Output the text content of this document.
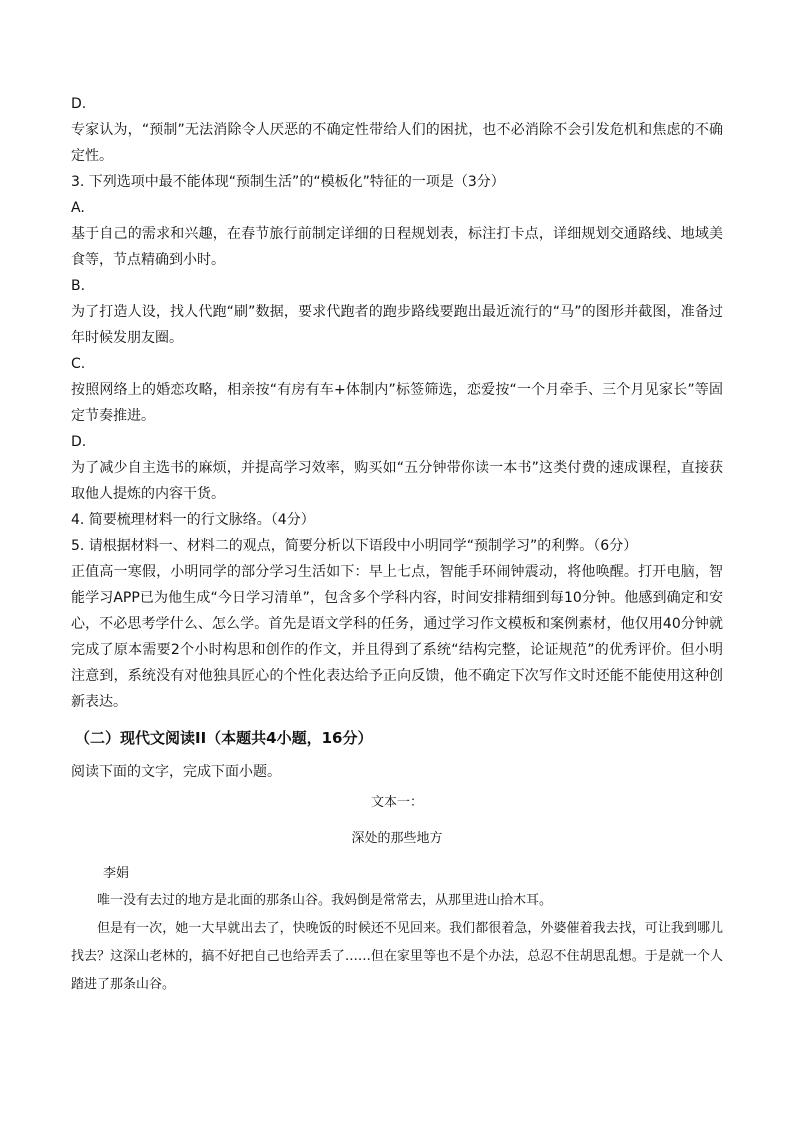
D.

专家认为，“预制”无法消除令人厌恶的不确定性带给人们的困扰，也不必消除不会引发危机和焦虑的不确定性。

3. 下列选项中最不能体现“预制生活”的“模板化”特征的一项是（3分）

A.

基于自己的需求和兴趣，在春节旅行前制定详细的日程规划表，标注打卡点，详细规划交通路线、地域美食等，节点精确到小时。

B.

为了打造人设，找人代跑“刷”数据，要求代跑者的跑步路线要跑出最近流行的“马”的图形并截图，准备过年时候发朋友圈。

C.

按照网络上的婚恋攻略，相亲按“有房有车+体制内”标签筛选，恋爱按“一个月牵手、三个月见家长”等固定节奏推进。

D.

为了减少自主选书的麻烦，并提高学习效率，购买如“五分钟带你读一本书”这类付费的速成课程，直接获取他人提炼的内容干货。

4. 简要梳理材料一的行文脉络。（4分）

5. 请根据材料一、材料二的观点，简要分析以下语段中小明同学“预制学习”的利弊。（6分）

正值高一寒假，小明同学的部分学习生活如下：早上七点，智能手环闹钟震动，将他唤醒。打开电脑，智能学习APP已为他生成“今日学习清单”，包含多个学科内容，时间安排精细到每10分钟。他感到确定和安心，不必思考学什么、怎么学。首先是语文学科的任务，通过学习作文模板和案例素材，他仅用40分钟就完成了原本需要2个小时构思和创作的作文，并且得到了系统“结构完整，论证规范”的优秀评价。但小明注意到，系统没有对他独具匠心的个性化表达给予正向反馈，他不确定下次写作文时还能不能使用这种创新表达。

（二）现代文阅读II（本题共4小题，16分）

阅读下面的文字，完成下面小题。

文本一：

深处的那些地方

李娟

唯一没有去过的地方是北面的那条山谷。我妈倒是常常去，从那里进山拾木耳。

但是有一次，她一大早就出去了，快晚饭的时候还不见回来。我们都很着急，外婆催着我去找，可让我到哪儿找去？这深山老林的，搞不好把自己也给弄丢了……但在家里等也不是个办法，总忍不住胡思乱想。于是就一个人踏进了那条山谷。
